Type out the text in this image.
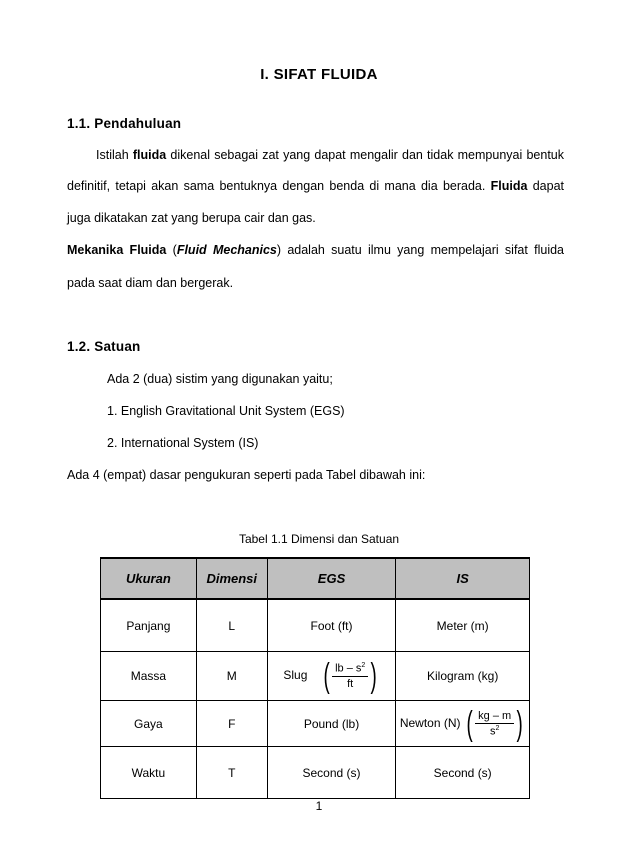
I. SIFAT FLUIDA
1.1. Pendahuluan
Istilah fluida dikenal sebagai zat yang dapat mengalir dan tidak mempunyai bentuk
definitif, tetapi akan sama bentuknya dengan benda di mana dia berada. Fluida dapat
juga dikatakan zat yang berupa cair dan gas.
Mekanika Fluida (Fluid Mechanics) adalah suatu ilmu yang mempelajari sifat fluida
pada saat diam dan bergerak.
1.2. Satuan
Ada 2 (dua) sistim yang digunakan yaitu;
1. English Gravitational Unit System (EGS)
2. International System (IS)
Ada 4 (empat) dasar pengukuran seperti pada Tabel dibawah ini:
Tabel 1.1 Dimensi dan Satuan
Ukuran	Dimensi	EGS	IS
Panjang	L	Foot (ft)	Meter (m)
Massa	M	Slug ( $\frac{lb - s^2}{ft}$ )	Kilogram (kg)
Gaya	F	Pound (lb)	Newton (N) ( $\frac{kg - m}{s^2}$ )

Waktu	T	Second (s)	Second (s)
1
